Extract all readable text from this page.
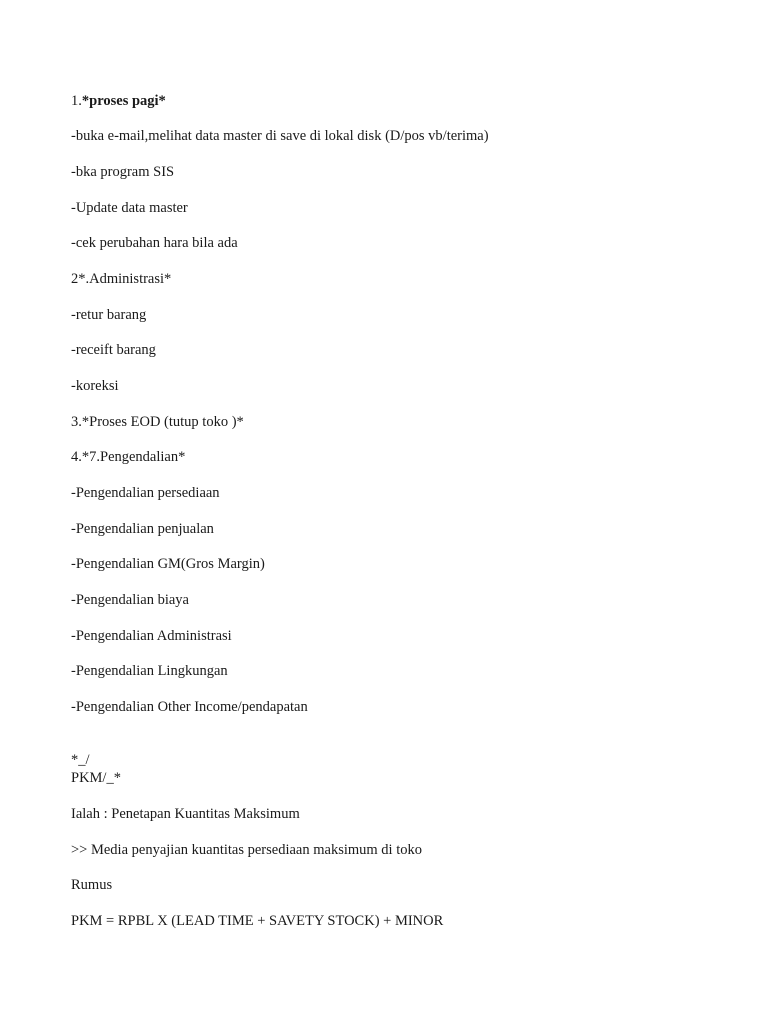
1.*proses pagi*
-buka e-mail,melihat data master di save di lokal disk (D/pos vb/terima)
-bka program SIS
-Update data master
-cek perubahan hara bila ada
2*.Administrasi*
-retur barang
-receift barang
-koreksi
3.*Proses EOD (tutup toko )*
4.*7.Pengendalian*
-Pengendalian persediaan
-Pengendalian penjualan
-Pengendalian GM(Gros Margin)
-Pengendalian biaya
-Pengendalian Administrasi
-Pengendalian Lingkungan
-Pengendalian Other Income/pendapatan
*_/
PKM/_*
Ialah : Penetapan Kuantitas Maksimum
>> Media penyajian kuantitas persediaan maksimum di toko
Rumus
PKM = RPBL X (LEAD TIME + SAVETY STOCK) + MINOR
